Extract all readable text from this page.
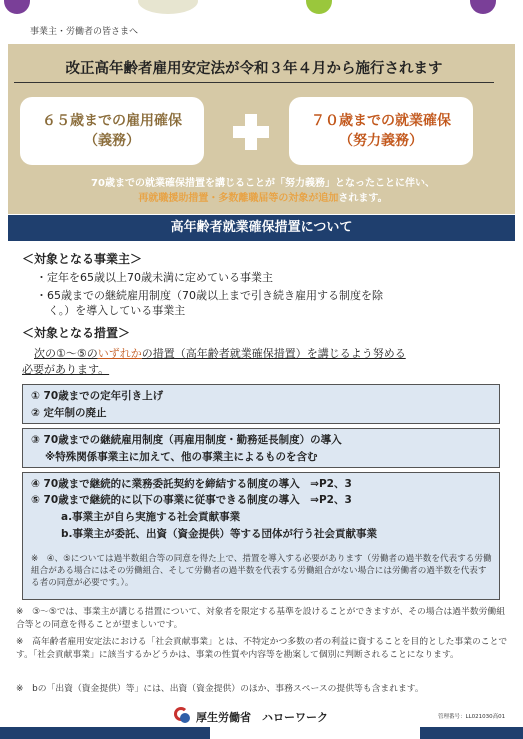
事業主・労働者の皆さまへ
改正高年齢者雇用安定法が令和３年４月から施行されます
６５歳までの雇用確保
（義務）
７０歳までの就業確保
（努力義務）
70歳までの就業確保措置を講じることが「努力義務」となったことに伴い、
再就職援助措置・多数離職届等の対象が追加されます。
高年齢者就業確保措置について
＜対象となる事業主＞
・定年を65歳以上70歳未満に定めている事業主
・65歳までの継続雇用制度（70歳以上まで引き続き雇用する制度を除
く。）を導入している事業主
＜対象となる措置＞
次の①～⑤のいずれかの措置（高年齢者就業確保措置）を講じるよう努める
必要があります。
① 70歳までの定年引き上げ
② 定年制の廃止
③ 70歳までの継続雇用制度（再雇用制度・勤務延長制度）の導入
※特殊関係事業主に加えて、他の事業主によるものを含む
④ 70歳まで継続的に業務委託契約を締結する制度の導入　⇒P2、3
⑤ 70歳まで継続的に以下の事業に従事できる制度の導入　⇒P2、3
a.事業主が自ら実施する社会貢献事業
b.事業主が委託、出資（資金提供）等する団体が行う社会貢献事業
※　④、⑤については過半数組合等の同意を得た上で、措置を導入する必要があります（労働者の過半数を代表する労働組合がある場合にはその労働組合、そして労働者の過半数を代表する労働組合がない場合には労働者の過半数を代表する者の同意が必要です。）。
※　③～⑤では、事業主が講じる措置について、対象者を限定する基準を設けることができますが、その場合は過半数労働組合等との同意を得ることが望ましいです。
※　高年齢者雇用安定法における「社会貢献事業」とは、不特定かつ多数の者の利益に資することを目的とした事業のことです。「社会貢献事業」に該当するかどうかは、事業の性質や内容等を勘案して個別に判断されることになります。
※　bの「出資（資金提供）等」には、出資（資金提供）のほか、事務スペースの提供等も含まれます。
厚生労働省　ハローワーク	管理番号：LL021030高01
